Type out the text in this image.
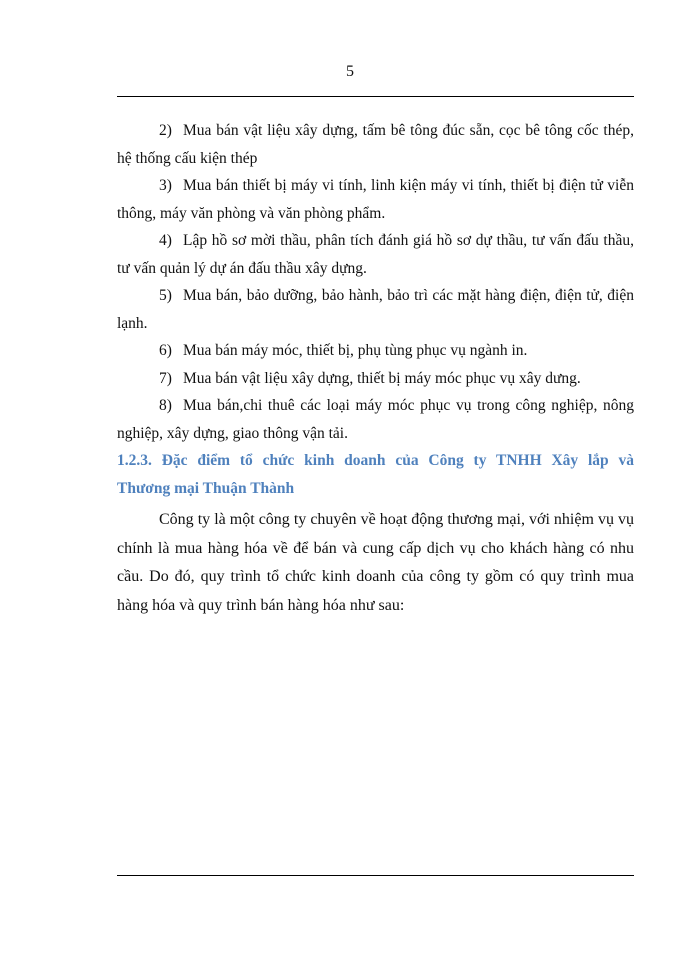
5

2) Mua bán vật liệu xây dựng, tấm bê tông đúc sẵn, cọc bê tông cốc thép, hệ thống cấu kiện thép

3) Mua bán thiết bị máy vi tính, linh kiện máy vi tính, thiết bị điện tử viễn thông, máy văn phòng và văn phòng phẩm.

4) Lập hồ sơ mời thầu, phân tích đánh giá hồ sơ dự thầu, tư vấn đấu thầu, tư vấn quản lý dự án đấu thầu xây dựng.

5) Mua bán, bảo dưỡng, bảo hành, bảo trì các mặt hàng điện, điện tử, điện lạnh.

6) Mua bán máy móc, thiết bị, phụ tùng phục vụ ngành in.

7) Mua bán vật liệu xây dựng, thiết bị máy móc phục vụ xây dưng.

8) Mua bán,chi thuê các loại máy móc phục vụ trong công nghiệp, nông nghiệp, xây dựng, giao thông vận tải.

1.2.3. Đặc điểm tổ chức kinh doanh của Công ty TNHH Xây lắp và
Thương mại Thuận Thành

Công ty là một công ty chuyên về hoạt động thương mại, với nhiệm vụ vụ chính là mua hàng hóa về để bán và cung cấp dịch vụ cho khách hàng có nhu cầu. Do đó, quy trình tổ chức kinh doanh của công ty gồm có quy trình mua hàng hóa và quy trình bán hàng hóa như sau:
